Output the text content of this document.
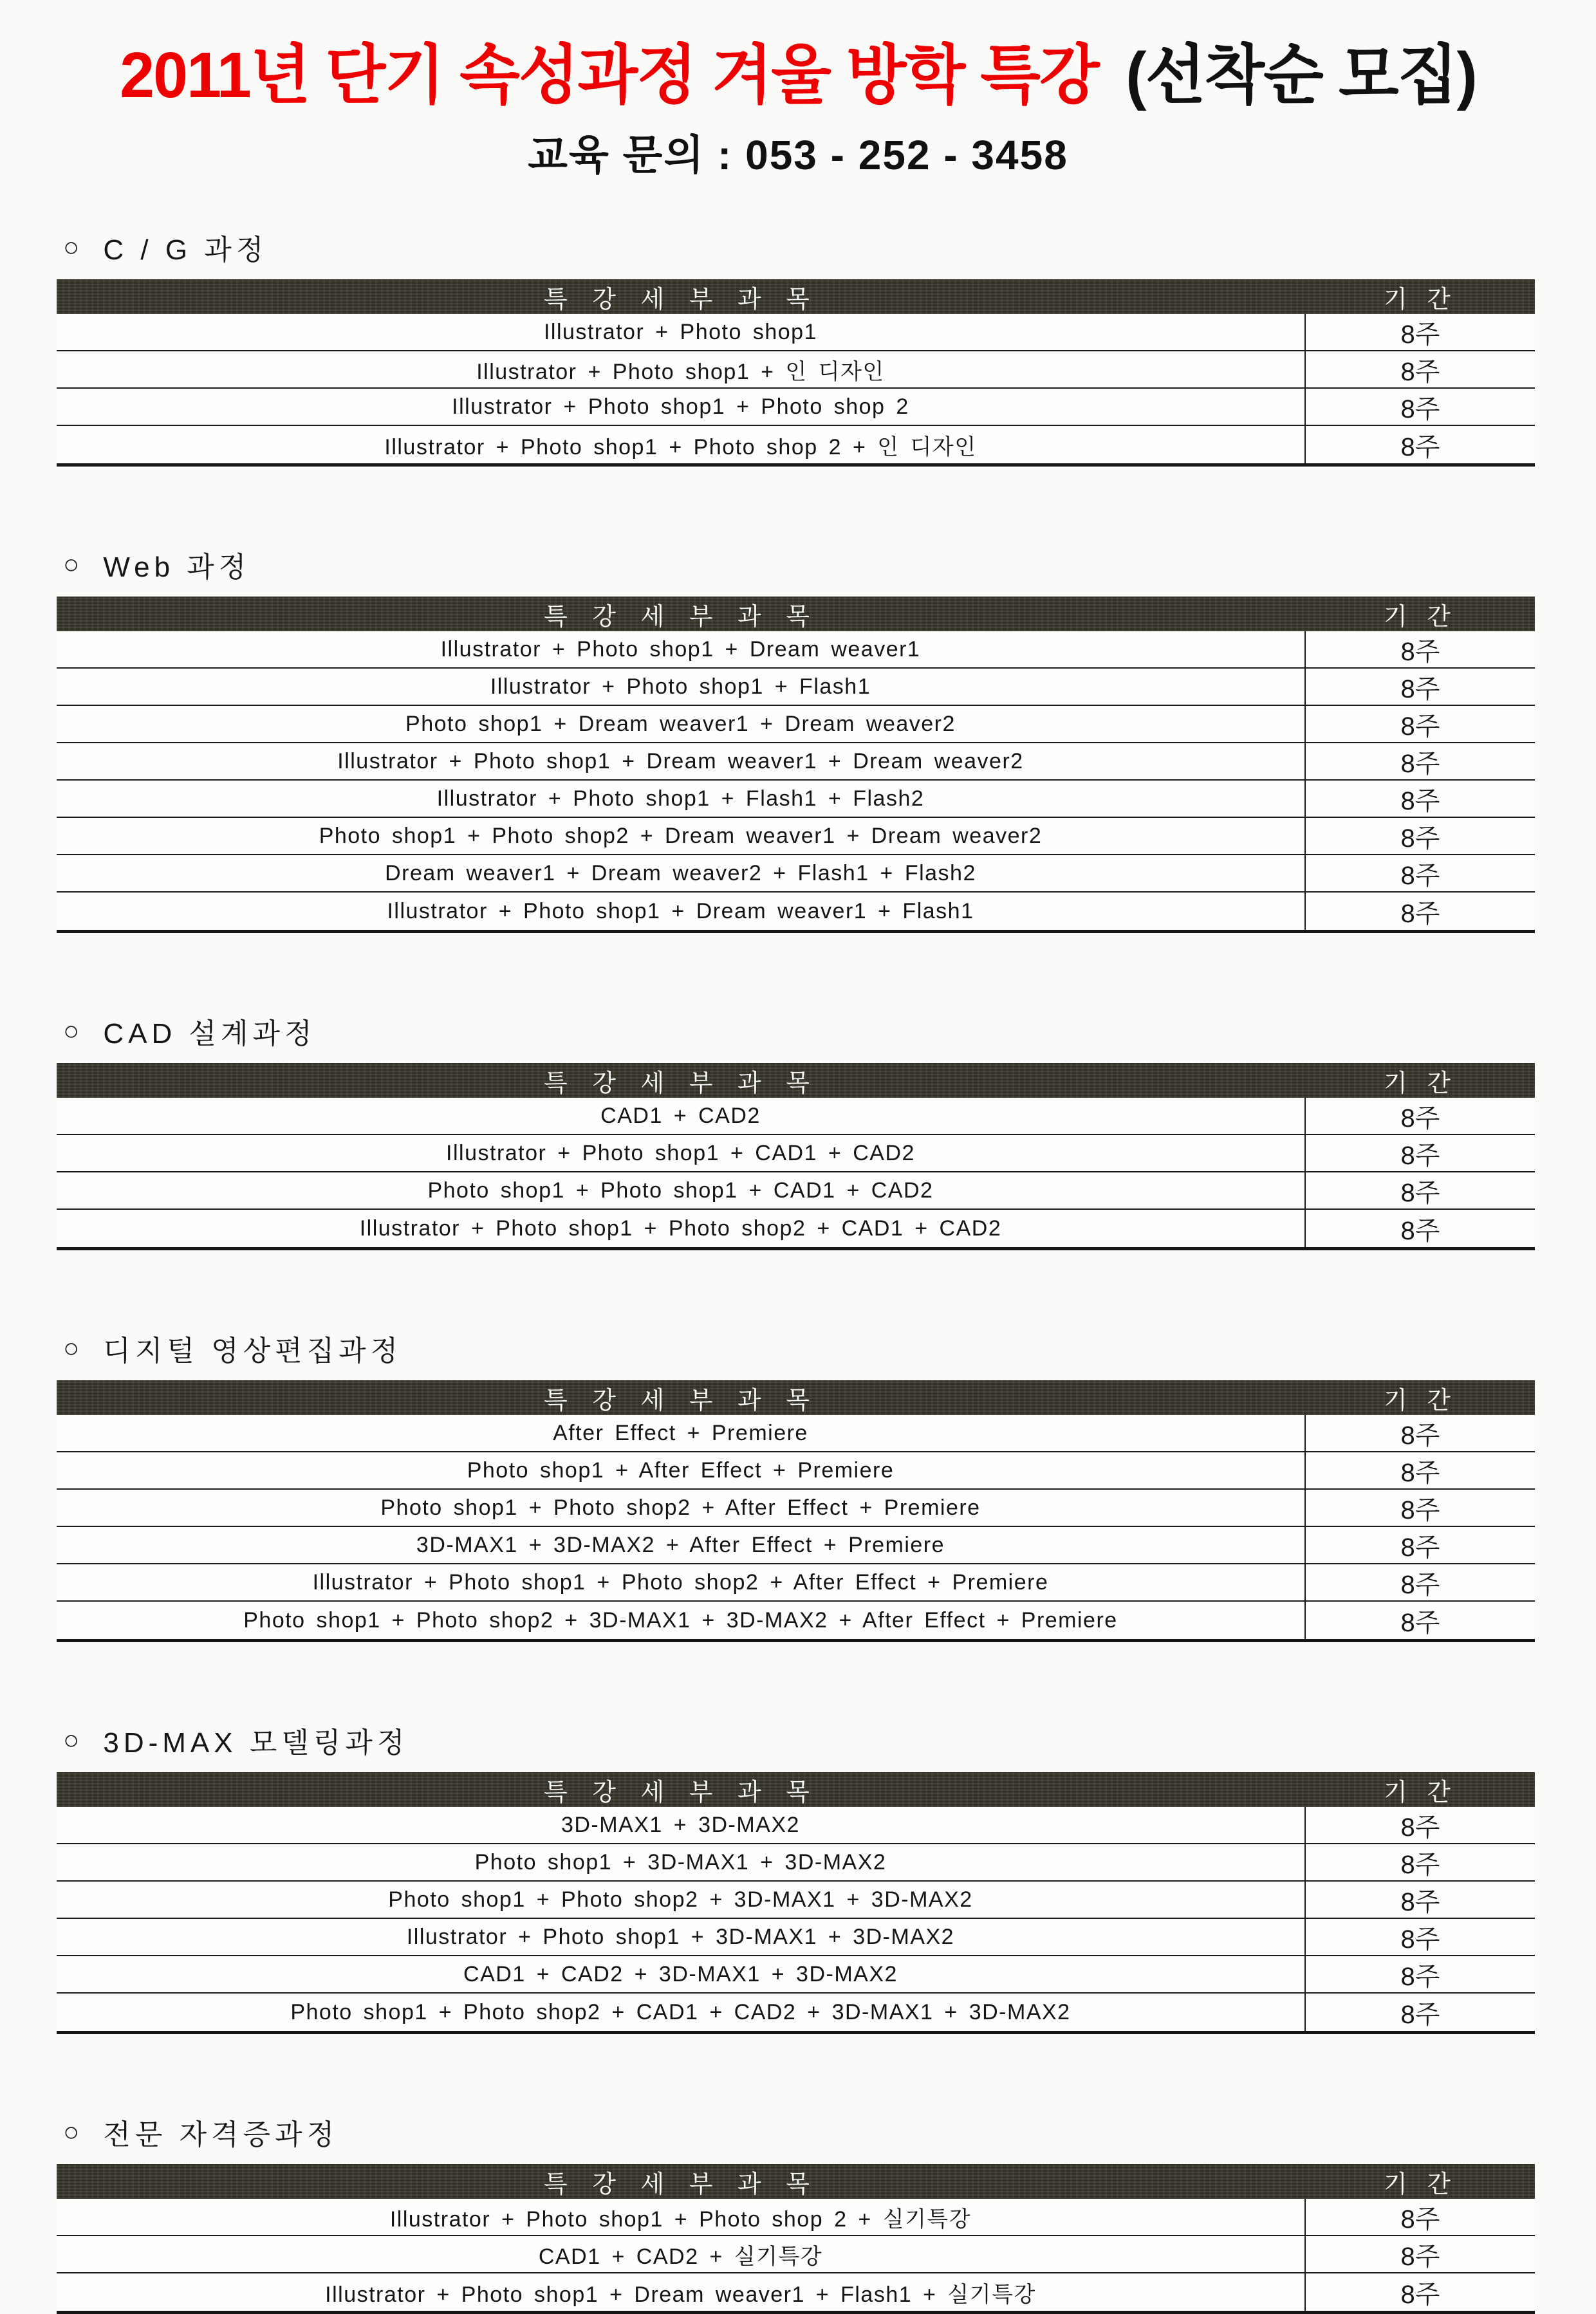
2011년 단기 속성과정 겨울 방학 특강 (선착순 모집)

교육 문의 : 053 - 252 - 3458

○ C / G 과정
특 강 세 부 과 목	기 간
Illustrator + Photo shop1	8주
Illustrator + Photo shop1 + 인 디자인	8주
Illustrator + Photo shop1 + Photo shop 2	8주
Illustrator + Photo shop1 + Photo shop 2 + 인 디자인	8주
○ Web 과정
특 강 세 부 과 목	기 간
Illustrator + Photo shop1 + Dream weaver1	8주
Illustrator + Photo shop1 + Flash1	8주
Photo shop1 + Dream weaver1 + Dream weaver2	8주
Illustrator + Photo shop1 + Dream weaver1 + Dream weaver2	8주
Illustrator + Photo shop1 + Flash1 + Flash2	8주
Photo shop1 + Photo shop2 + Dream weaver1 + Dream weaver2	8주
Dream weaver1 + Dream weaver2 + Flash1 + Flash2	8주
Illustrator + Photo shop1 + Dream weaver1 + Flash1	8주
○ CAD 설계과정
특 강 세 부 과 목	기 간
CAD1 + CAD2	8주
Illustrator + Photo shop1 + CAD1 + CAD2	8주
Photo shop1 + Photo shop1 + CAD1 + CAD2	8주
Illustrator + Photo shop1 + Photo shop2 + CAD1 + CAD2	8주
○ 디지털 영상편집과정
특 강 세 부 과 목	기 간
After Effect + Premiere	8주
Photo shop1 + After Effect + Premiere	8주
Photo shop1 + Photo shop2 + After Effect + Premiere	8주
3D-MAX1 + 3D-MAX2 + After Effect + Premiere	8주
Illustrator + Photo shop1 + Photo shop2 + After Effect + Premiere	8주
Photo shop1 + Photo shop2 + 3D-MAX1 + 3D-MAX2 + After Effect + Premiere	8주
○ 3D-MAX 모델링과정
특 강 세 부 과 목	기 간
3D-MAX1 + 3D-MAX2	8주
Photo shop1 + 3D-MAX1 + 3D-MAX2	8주
Photo shop1 + Photo shop2 + 3D-MAX1 + 3D-MAX2	8주
Illustrator + Photo shop1 + 3D-MAX1 + 3D-MAX2	8주
CAD1 + CAD2 + 3D-MAX1 + 3D-MAX2	8주
Photo shop1 + Photo shop2 + CAD1 + CAD2 + 3D-MAX1 + 3D-MAX2	8주
○ 전문 자격증과정
특 강 세 부 과 목	기 간
Illustrator + Photo shop1 + Photo shop 2 + 실기특강	8주
CAD1 + CAD2 + 실기특강	8주
Illustrator + Photo shop1 + Dream weaver1 + Flash1 + 실기특강	8주
